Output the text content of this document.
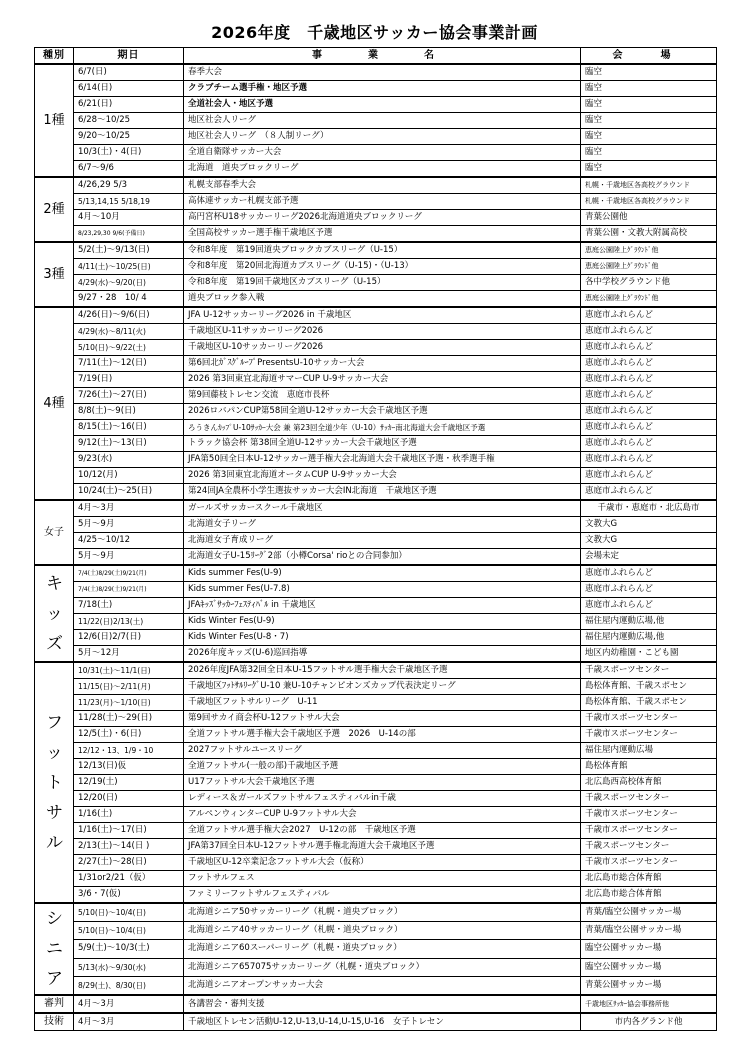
2026年度　千歳地区サッカー協会事業計画
種別	期日	事　業　名	会　場
1種	6/7(日)	春季大会	臨空
	6/14(日)	クラブチーム選手権・地区予選	臨空
	6/21(日)	全道社会人・地区予選	臨空
	6/28～10/25	地区社会人リーグ	臨空
	9/20～10/25	地区社会人リーグ　（８人制リーグ）	臨空
	10/3(土)・4(日)	全道自衛隊サッカー大会	臨空
	6/7～9/6	北海道　道央ブロックリーグ	臨空
2種	4/26,29 5/3	札幌支部春季大会	札幌・千歳地区各高校グラウンド
	5/13,14,15 5/18,19	高体連サッカー札幌支部予選	札幌・千歳地区各高校グラウンド
	4月～10月	高円宮杯U18サッカーリーグ2026北海道道央ブロックリーグ	青葉公園他
	8/23,29,30 9/6(予備日)	全国高校サッカー選手権千歳地区予選	青葉公園・文教大附属高校
3種	5/2(土)～9/13(日)	令和8年度　第19回道央ブロックカブスリーグ（U-15）	恵庭公園陸上ｸﾞﾗｳﾝﾄﾞ他
	4/11(土)～10/25(日)	令和8年度　第20回北海道カブスリーグ（U-15)・（U-13）	恵庭公園陸上ｸﾞﾗｳﾝﾄﾞ他
	4/29(水)～9/20(日)	令和8年度　第19回千歳地区カブスリーグ（U-15）	各中学校グラウンド他
	9/27・28　10/ 4	道央ブロック参入戦	恵庭公園陸上ｸﾞﾗｳﾝﾄﾞ他
4種	4/26(日)～9/6(日)	JFA U-12サッカーリーグ2026 in 千歳地区	恵庭市ふれらんど
	4/29(水)～8/11(火)	千歳地区U-11サッカーリーグ2026	恵庭市ふれらんど
	5/10(日)～9/22(土)	千歳地区U-10サッカーリーグ2026	恵庭市ふれらんど
	7/11(土)～12(日)	第6回北ｶﾞｽｸﾞﾙｰﾌﾟPresentsU-10サッカー大会	恵庭市ふれらんど
	7/19(日)	2026 第3回東宜北海道サマーCUP U-9サッカー大会	恵庭市ふれらんど
	7/26(土)～27(日)	第9回藤枝トレセン交流　恵庭市長杯	恵庭市ふれらんど
	8/8(土)～9(日)	2026ロバパンCUP第58回全道U-12サッカー大会千歳地区予選	恵庭市ふれらんど
	8/15(土)～16(日)	ろうきんｶｯﾌﾟU-10ｻｯｶｰ大会 兼 第23回全道少年（U-10）ｻｯｶｰ南北海道大会千歳地区予選	恵庭市ふれらんど
	9/12(土)～13(日)	トラック協会杯 第38回全道U-12サッカー大会千歳地区予選	恵庭市ふれらんど
	9/23(水)	JFA第50回全日本U-12サッカー選手権大会北海道大会千歳地区予選・秋季選手権	恵庭市ふれらんど
	10/12(月)	2026 第3回東宜北海道オータムCUP U-9サッカー大会	恵庭市ふれらんど
	10/24(土)～25(日)	第24回JA全農杯小学生選抜サッカー大会IN北海道　千歳地区予選	恵庭市ふれらんど
女子	4月～3月	ガールズサッカースクール千歳地区	千歳市・恵庭市・北広島市
	5月～9月	北海道女子リーグ	文教大G
	4/25～10/12	北海道女子育成リーグ	文教大G
	5月～9月	北海道女子U-15ﾘｰｸﾞ2部（小樽Corsa' rioとの合同参加）	会場未定
キッズ	7/4(土)8/29(土)9/21(月)	Kids summer Fes(U-9)	恵庭市ふれらんど
	7/4(土)8/29(土)9/21(月)	Kids summer Fes(U-7.8)	恵庭市ふれらんど
	7/18(土)	JFAｷｯｽﾞｻｯｶｰﾌｪｽﾃｨﾊﾞﾙ in 千歳地区	恵庭市ふれらんど
	11/22(日)2/13(土)	Kids Winter Fes(U-9)	福住屋内運動広場,他
	12/6(日)2/7(日)	Kids Winter Fes(U-8・7)	福住屋内運動広場,他
	5月～12月	2026年度キッズ(U-6)巡回指導	地区内幼稚園・こども園
フットサル	10/31(土)～11/1(日)	2026年度JFA第32回全日本U-15フットサル選手権大会千歳地区予選	千歳スポーツセンター
	11/15(日)～2/11(月)	千歳地区ﾌｯﾄｻﾙﾘｰｸﾞU-10 兼U-10チャンピオンズカップ代表決定リーグ	島松体育館、千歳スポセン
	11/23(月)～1/10(日)	千歳地区フットサルリーグ　U-11	島松体育館、千歳スポセン
	11/28(土)～29(日)	第9回サカイ商会杯U-12フットサル大会	千歳市スポーツセンター
	12/5(土)・6(日)	全道フットサル選手権大会千歳地区予選　2026　U-14の部	千歳市スポーツセンター
	12/12・13、1/9・10	2027フットサルユースリーグ	福住屋内運動広場
	12/13(日)仮	全道フットサル(一般の部)千歳地区予選	島松体育館
	12/19(土)	U17フットサル大会千歳地区予選	北広島西高校体育館
	12/20(日)	レディース＆ガールズフットサルフェスティバルin千歳	千歳スポーツセンター
	1/16(土)	アルペンウィンターCUP U-9フットサル大会	千歳市スポーツセンター
	1/16(土)～17(日)	全道フットサル選手権大会2027　U-12の部　千歳地区予選	千歳市スポーツセンター
	2/13(土)～14(日 )	JFA第37回全日本U-12フットサル選手権北海道大会千歳地区予選	千歳スポーツセンター
	2/27(土)～28(日)	千歳地区U-12卒業記念フットサル大会（仮称）	千歳市スポーツセンター
	1/31or2/21（仮）	フットサルフェス	北広島市総合体育館
	3/6・7(仮)	ファミリーフットサルフェスティバル	北広島市総合体育館
シニア	5/10(日)～10/4(日)	北海道シニア50サッカーリーグ（札幌・道央ブロック）	青葉/臨空公園サッカー場
	5/10(日)～10/4(日)	北海道シニア40サッカーリーグ（札幌・道央ブロック）	青葉/臨空公園サッカー場
	5/9(土)～10/3(土)	北海道シニア60スーパーリーグ（札幌・道央ブロック）	臨空公園サッカー場
	5/13(水)～9/30(水)	北海道シニア657075サッカーリーグ（札幌・道央ブロック）	臨空公園サッカー場
	8/29(土)、8/30(日)	北海道シニアオープンサッカー大会	青葉公園サッカー場
審判	4月～3月	各講習会・審判支援	千歳地区ｻｯｶｰ協会事務所他
技術	4月～3月	千歳地区トレセン活動U-12,U-13,U-14,U-15,U-16　女子トレセン	市内各グランド他
